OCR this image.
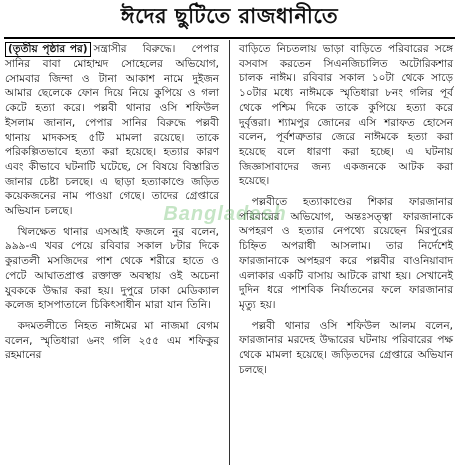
ঈদের ছুটিতে রাজধানীতে

(তৃতীয় পৃষ্ঠার পর) সন্ত্রাসীর বিরুদ্ধে। পেপার সানির বাবা মোহাম্মদ সোহেলের অভিযোগ, সোমবার জিন্দা ও টানা আকাশ নামে দুইজন আমার ছেলেকে ফোন দিয়ে নিয়ে কুপিয়ে ও গলা কেটে হত্যা করে। পল্লবী থানার ওসি শফিউল ইসলাম জানান, পেপার সানির বিরুদ্ধে পল্লবী থানায় মাদকসহ ৫টি মামলা রয়েছে। তাকে পরিকল্পিতভাবে হত্যা করা হয়েছে। হত্যার কারণ এবং কীভাবে ঘটনাটি ঘটেছে, সে বিষয়ে বিস্তারিত জানার চেষ্টা চলছে। এ ছাড়া হত্যাকাণ্ডে জড়িত কয়েকজনের নাম পাওয়া গেছে। তাদের গ্রেপ্তারে অভিযান চলছে।

খিলক্ষেত থানার এসআই ফজলে নুর বলেন, ৯৯৯-এ খবর পেয়ে রবিবার সকাল ৮টার দিকে কুরাতলী মসজিদের পাশ থেকে শরীরে হাতে ও পেটে আঘাতপ্রাপ্ত রক্তাক্ত অবস্থায় ওই অচেনা যুবককে উদ্ধার করা হয়। দুপুরে ঢাকা মেডিক্যাল কলেজ হাসপাতালে চিকিৎসাধীন মারা যান তিনি।

কদমতলীতে নিহত নাঈমের মা নাজমা বেগম বলেন, স্মৃতিধারা ৬নং গলি ২৫৫ এম শফিকুর রহমানের

বাড়িতে নিচতলায় ভাড়া বাড়িতে পরিবারের সঙ্গে বসবাস করতেন সিএনজিচালিত অটোরিকশার চালক নাঈম। রবিবার সকাল ১০টা থেকে সাড়ে ১০টার মধ্যে নাঈমকে স্মৃতিধারা ৮নং গলির পূর্ব থেকে পশ্চিম দিকে তাকে কুপিয়ে হত্যা করে দুর্বৃত্তরা। শ্যামপুর জোনের এসি শরাফত হোসেন বলেন, পূর্বশত্রুতার জেরে নাঈমকে হত্যা করা হয়েছে বলে ধারণা করা হচ্ছে। এ ঘটনায় জিজ্ঞাসাবাদের জন্য একজনকে আটক করা হয়েছে।

পল্লবীতে হত্যাকাণ্ডের শিকার ফারজানার পরিবারের অভিযোগ, অন্তঃসত্ত্বা ফারজানাকে অপহরণ ও হত্যার নেপথ্যে রয়েছেন মিরপুরের চিহ্নিত অপরাধী আসলাম। তার নির্দেশেই ফারজানাকে অপহরণ করে পল্লবীর বাওনিয়াবাদ এলাকার একটি বাসায় আটকে রাখা হয়। সেখানেই দুদিন ধরে পাশবিক নির্যাতনের ফলে ফারজানার মৃত্যু হয়।

পল্লবী থানার ওসি শফিউল আলম বলেন, ফারজানার মরদেহ উদ্ধারের ঘটনায় পরিবারের পক্ষ থেকে মামলা হয়েছে। জড়িতদের গ্রেপ্তারে অভিযান চলছে।

Bangladesh
